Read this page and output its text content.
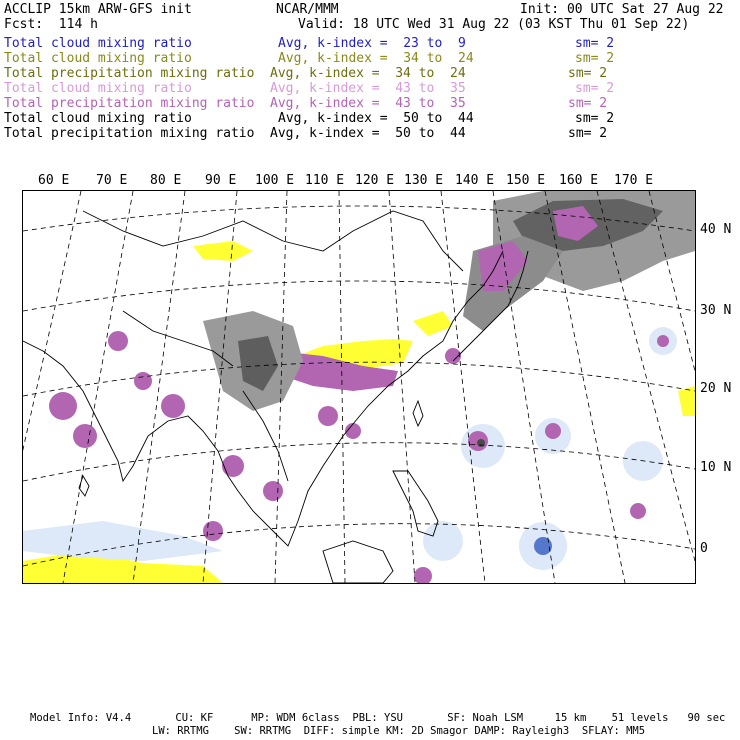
ACCLIP 15km ARW-GFS init	NCAR/MMM	Init: 00 UTC Sat 27 Aug 22
Fcst:  114 h	Valid: 18 UTC Wed 31 Aug 22 (03 KST Thu 01 Sep 22)
Total cloud mixing ratio	Avg, k-index =  23 to  9	sm= 2
Total cloud mixing ratio	Avg, k-index =  34 to  24	sm= 2
Total precipitation mixing ratio Avg, k-index =  34 to  24	sm= 2
Total cloud mixing ratio	Avg, k-index =  43 to  35	sm= 2
Total precipitation mixing ratio Avg, k-index =  43 to  35	sm= 2
Total cloud mixing ratio	Avg, k-index =  50 to  44	sm= 2
Total precipitation mixing ratio Avg, k-index =  50 to  44	sm= 2
60 E 70 E 80 E 90 E 100 E 110 E 120 E 130 E 140 E 150 E 160 E 170 E
40 N
30 N
20 N
10 N
0
Model Info: V4.4       CU: KF      MP: WDM 6class  PBL: YSU       SF: Noah LSM     15 km    51 levels   90 sec
LW: RRTMG    SW: RRTMG  DIFF: simple KM: 2D Smagor DAMP: Rayleigh3  SFLAY: MM5
